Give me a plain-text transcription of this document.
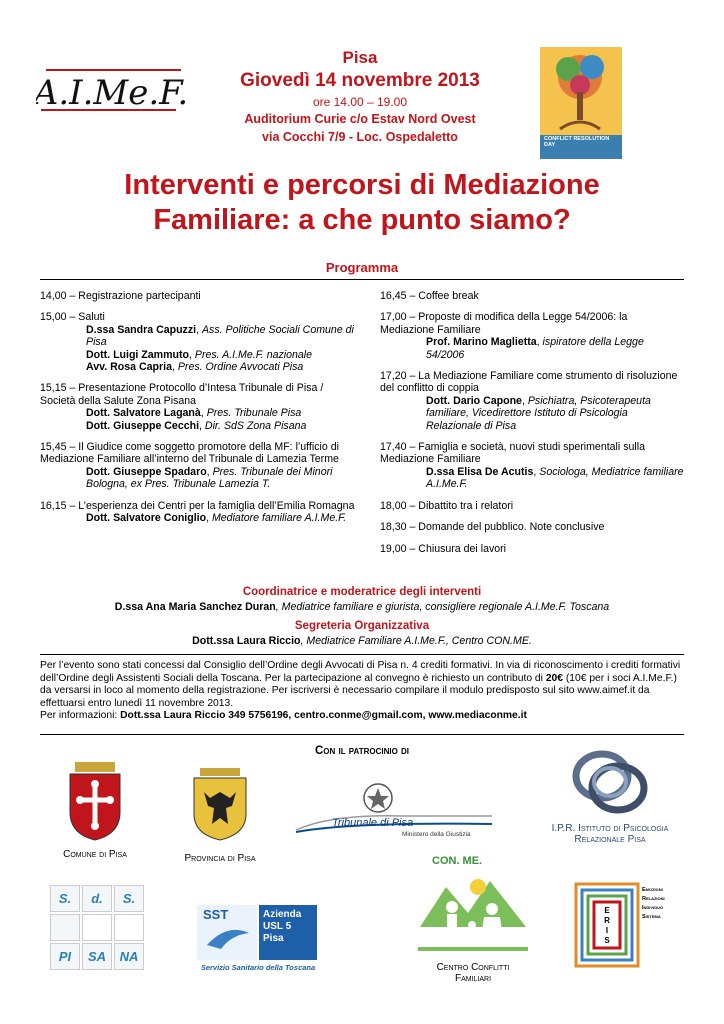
A.I.Me.F.
Pisa
Giovedì 14 novembre 2013
ore 14.00 – 19.00
Auditorium Curie c/o Estav Nord Ovest
via Cocchi 7/9 - Loc. Ospedaletto	CONFLICT RESOLUTION DAY
Interventi e percorsi di Mediazione
Familiare: a che punto siamo?
Programma
14,00 – Registrazione partecipanti
15,00 – Saluti
D.ssa Sandra Capuzzi, Ass. Politiche Sociali Comune di Pisa
Dott. Luigi Zammuto, Pres. A.I.Me.F. nazionale
Avv. Rosa Capria, Pres. Ordine Avvocati Pisa
15,15 – Presentazione Protocollo d’Intesa Tribunale di Pisa / Società della Salute Zona Pisana
Dott. Salvatore Laganà, Pres. Tribunale Pisa
Dott. Giuseppe Cecchi, Dir. SdS Zona Pisana
15,45 – Il Giudice come soggetto promotore della MF: l’ufficio di Mediazione Familiare all’interno del Tribunale di Lamezia Terme
Dott. Giuseppe Spadaro, Pres. Tribunale dei Minori Bologna, ex Pres. Tribunale Lamezia T.
16,15 – L’esperienza dei Centri per la famiglia dell’Emilia Romagna
Dott. Salvatore Coniglio, Mediatore familiare A.I.Me.F.
16,45 – Coffee break
17,00 – Proposte di modifica della Legge 54/2006: la Mediazione Familiare
Prof. Marino Maglietta, ispiratore della Legge 54/2006
17,20 – La Mediazione Familiare come strumento di risoluzione del conflitto di coppia
Dott. Dario Capone, Psichiatra, Psicoterapeuta familiare, Vicedirettore Istituto di Psicologia Relazionale di Pisa
17,40 – Famiglia e società, nuovi studi sperimentali sulla Mediazione Familiare
D.ssa Elisa De Acutis, Sociologa, Mediatrice familiare A.I.Me.F.
18,00 – Dibattito tra i relatori
18,30 – Domande del pubblico. Note conclusive
19,00 – Chiusura dei lavori
Coordinatrice e moderatrice degli interventi
D.ssa Ana Maria Sanchez Duran, Mediatrice familiare e giurista, consigliere regionale A.I.Me.F. Toscana
Segreteria Organizzativa
Dott.ssa Laura Riccio, Mediatrice Familiare A.I.Me.F., Centro CON.ME.
Per l’evento sono stati concessi dal Consiglio dell’Ordine degli Avvocati di Pisa n. 4 crediti formativi. In via di riconoscimento i crediti formativi dell’Ordine degli Assistenti Sociali della Toscana. Per la partecipazione al convegno è richiesto un contributo di 20€ (10€ per i soci A.I.Me.F.) da versarsi in loco al momento della registrazione. Per iscriversi è necessario compilare il modulo predisposto sul sito www.aimef.it da effettuarsi entro lunedì 11 novembre 2013.
Per informazioni: Dott.ssa Laura Riccio 349 5756196, centro.conme@gmail.com, www.mediaconme.it
Con il patrocinio di
Comune di Pisa	Provincia di Pisa
Tribunale di Pisa
Ministero della Giustizia
I.P.R. Istituto di Psicologia
Relazionale Pisa
S.	d.	S.
PI	SA	NA
SST	Azienda
USL 5
Pisa
Servizio Sanitario della Toscana
CON. ME.
Centro Conflitti
Familiari
E
R
I
S
Emozioni
Relazioni
Individuo
Sistema
